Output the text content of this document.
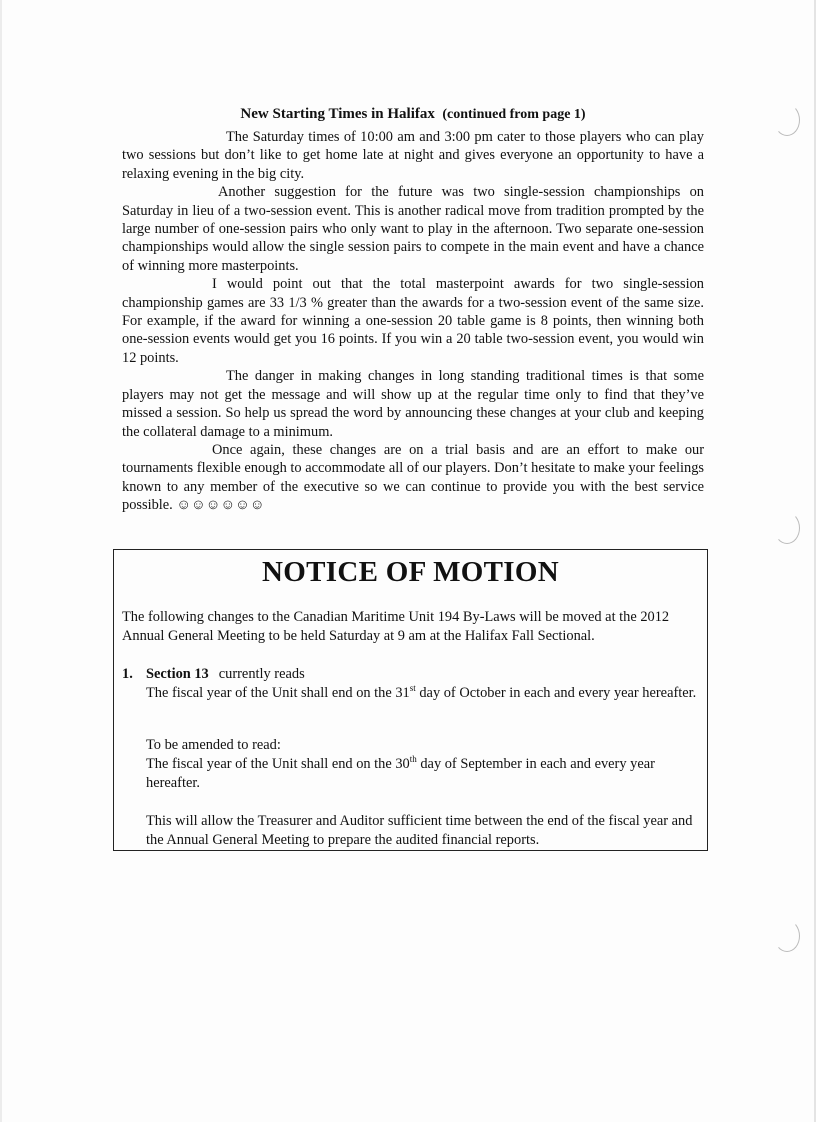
New Starting Times in Halifax (continued from page 1)

The Saturday times of 10:00 am and 3:00 pm cater to those players who can play two sessions but don’t like to get home late at night and gives everyone an opportunity to have a relaxing evening in the big city.

Another suggestion for the future was two single-session championships on Saturday in lieu of a two-session event. This is another radical move from tradition prompted by the large number of one-session pairs who only want to play in the afternoon. Two separate one-session championships would allow the single session pairs to compete in the main event and have a chance of winning more masterpoints.

I would point out that the total masterpoint awards for two single-session championship games are 33 1/3 % greater than the awards for a two-session event of the same size. For example, if the award for winning a one-session 20 table game is 8 points, then winning both one-session events would get you 16 points. If you win a 20 table two-session event, you would win 12 points.

The danger in making changes in long standing traditional times is that some players may not get the message and will show up at the regular time only to find that they’ve missed a session. So help us spread the word by announcing these changes at your club and keeping the collateral damage to a minimum.

Once again, these changes are on a trial basis and are an effort to make our tournaments flexible enough to accommodate all of our players. Don’t hesitate to make your feelings known to any member of the executive so we can continue to provide you with the best service possible. ☺☺☺☺☺☺

NOTICE OF MOTION

The following changes to the Canadian Maritime Unit 194 By-Laws will be moved at the 2012 Annual General Meeting to be held Saturday at 9 am at the Halifax Fall Sectional.

1. Section 13 currently reads

The fiscal year of the Unit shall end on the 31st day of October in each and every year hereafter.

To be amended to read:

The fiscal year of the Unit shall end on the 30th day of September in each and every year hereafter.

This will allow the Treasurer and Auditor sufficient time between the end of the fiscal year and the Annual General Meeting to prepare the audited financial reports.
